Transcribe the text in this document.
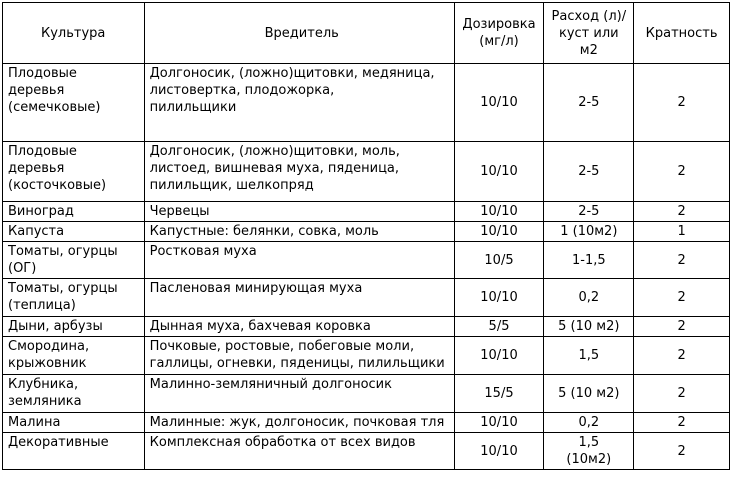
Культура	Вредитель	Дозировка (мг/л)	Расход (л)/куст или м2	Кратность

Плодовые
деревья
(семечковые)	Долгоносик, (ложно)щитовки, медяница,
листовертка, плодожорка,
пилильщики	10/10	2-5	2

Плодовые
деревья
(косточковые)	Долгоносик, (ложно)щитовки, моль,
листоед, вишневая муха, пяденица,
пилильщик, шелкопряд	10/10	2-5	2

Виноград	Червецы	10/10	2-5	2

Капуста	Капустные: белянки, совка, моль	10/10	1 (10м2)	1

Томаты, огурцы
(ОГ)	Ростковая муха	10/5	1-1,5	2

Томаты, огурцы
(теплица)	Пасленовая минирующая муха	10/10	0,2	2

Дыни, арбузы	Дынная муха, бахчевая коровка	5/5	5 (10 м2)	2

Смородина,
крыжовник	Почковые, ростовые, побеговые моли,
галлицы, огневки, пяденицы, пилильщики	10/10	1,5	2

Клубника,
земляника	Малинно-земляничный долгоносик	15/5	5 (10 м2)	2

Малина	Малинные: жук, долгоносик, почковая тля	10/10	0,2	2

Декоративные	Комплексная обработка от всех видов	10/10	1,5
(10м2)	2
